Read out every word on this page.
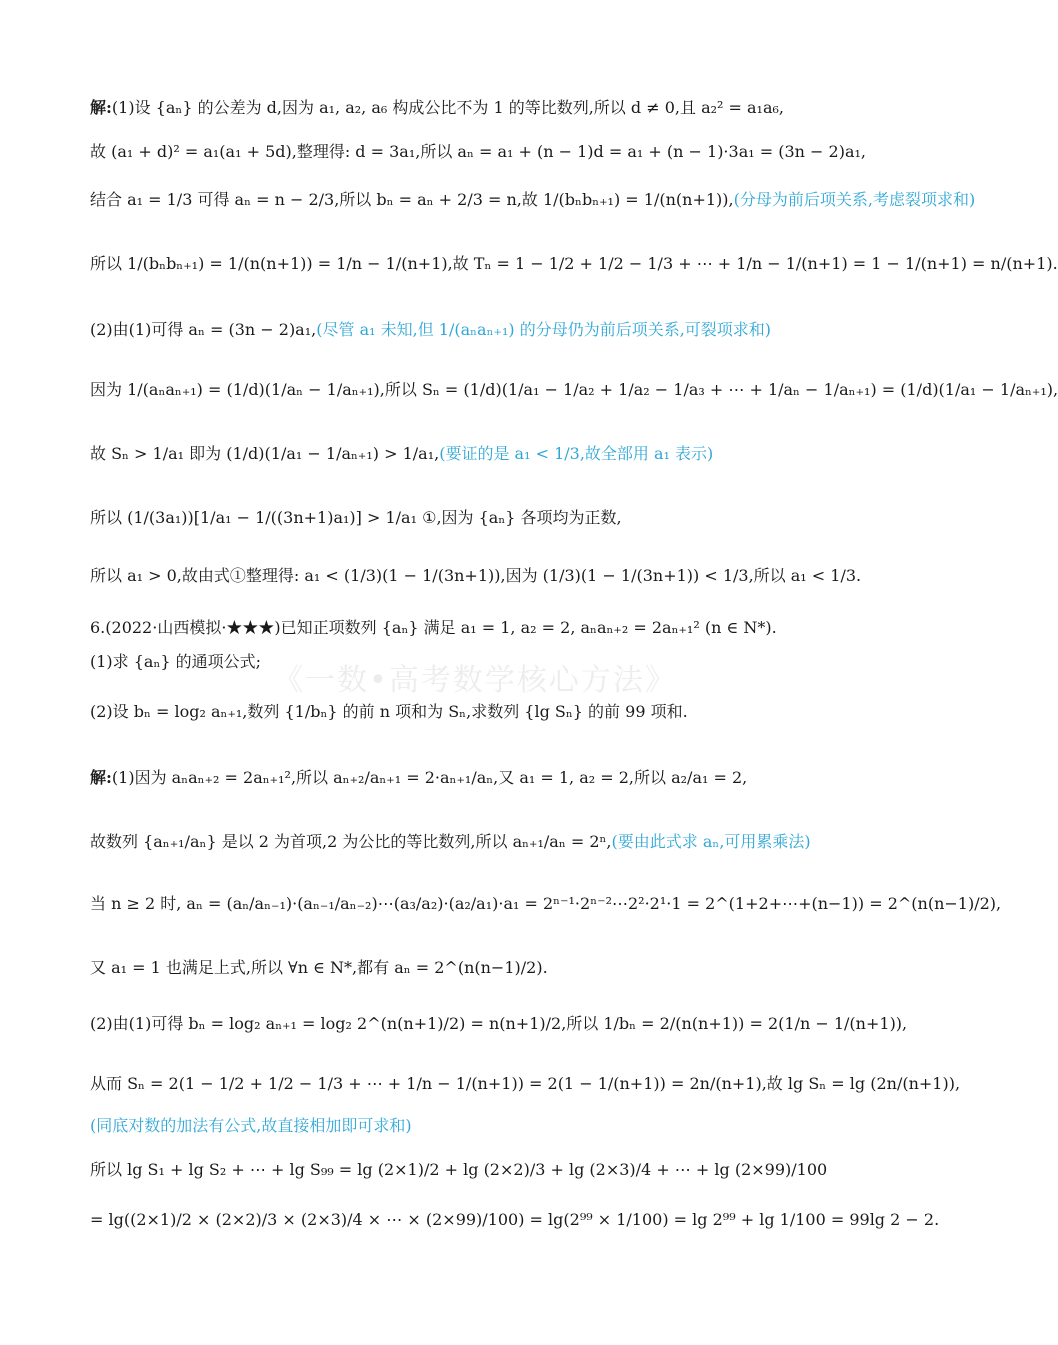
《一数•高考数学核心方法》
解:(1)设 {aₙ} 的公差为 d,因为 a₁, a₂, a₆ 构成公比不为 1 的等比数列,所以 d ≠ 0,且 a₂² = a₁a₆,
故 (a₁ + d)² = a₁(a₁ + 5d),整理得: d = 3a₁,所以 aₙ = a₁ + (n − 1)d = a₁ + (n − 1)·3a₁ = (3n − 2)a₁,
结合 a₁ = 1/3 可得 aₙ = n − 2/3,所以 bₙ = aₙ + 2/3 = n,故 1/(bₙbₙ₊₁) = 1/(n(n+1)),(分母为前后项关系,考虑裂项求和)
所以 1/(bₙbₙ₊₁) = 1/(n(n+1)) = 1/n − 1/(n+1),故 Tₙ = 1 − 1/2 + 1/2 − 1/3 + ⋯ + 1/n − 1/(n+1) = 1 − 1/(n+1) = n/(n+1).
(2)由(1)可得 aₙ = (3n − 2)a₁,(尽管 a₁ 未知,但 1/(aₙaₙ₊₁) 的分母仍为前后项关系,可裂项求和)
因为 1/(aₙaₙ₊₁) = (1/d)(1/aₙ − 1/aₙ₊₁),所以 Sₙ = (1/d)(1/a₁ − 1/a₂ + 1/a₂ − 1/a₃ + ⋯ + 1/aₙ − 1/aₙ₊₁) = (1/d)(1/a₁ − 1/aₙ₊₁),
故 Sₙ > 1/a₁ 即为 (1/d)(1/a₁ − 1/aₙ₊₁) > 1/a₁,(要证的是 a₁ < 1/3,故全部用 a₁ 表示)
所以 (1/(3a₁))[1/a₁ − 1/((3n+1)a₁)] > 1/a₁ ①,因为 {aₙ} 各项均为正数,
所以 a₁ > 0,故由式①整理得: a₁ < (1/3)(1 − 1/(3n+1)),因为 (1/3)(1 − 1/(3n+1)) < 1/3,所以 a₁ < 1/3.
6.(2022·山西模拟·★★★)已知正项数列 {aₙ} 满足 a₁ = 1, a₂ = 2, aₙaₙ₊₂ = 2aₙ₊₁² (n ∈ N*).
(1)求 {aₙ} 的通项公式;
(2)设 bₙ = log₂ aₙ₊₁,数列 {1/bₙ} 的前 n 项和为 Sₙ,求数列 {lg Sₙ} 的前 99 项和.
解:(1)因为 aₙaₙ₊₂ = 2aₙ₊₁²,所以 aₙ₊₂/aₙ₊₁ = 2·aₙ₊₁/aₙ,又 a₁ = 1, a₂ = 2,所以 a₂/a₁ = 2,
故数列 {aₙ₊₁/aₙ} 是以 2 为首项,2 为公比的等比数列,所以 aₙ₊₁/aₙ = 2ⁿ,(要由此式求 aₙ,可用累乘法)
当 n ≥ 2 时, aₙ = (aₙ/aₙ₋₁)·(aₙ₋₁/aₙ₋₂)⋯(a₃/a₂)·(a₂/a₁)·a₁ = 2ⁿ⁻¹·2ⁿ⁻²⋯2²·2¹·1 = 2^(1+2+⋯+(n−1)) = 2^(n(n−1)/2),
又 a₁ = 1 也满足上式,所以 ∀n ∈ N*,都有 aₙ = 2^(n(n−1)/2).
(2)由(1)可得 bₙ = log₂ aₙ₊₁ = log₂ 2^(n(n+1)/2) = n(n+1)/2,所以 1/bₙ = 2/(n(n+1)) = 2(1/n − 1/(n+1)),
从而 Sₙ = 2(1 − 1/2 + 1/2 − 1/3 + ⋯ + 1/n − 1/(n+1)) = 2(1 − 1/(n+1)) = 2n/(n+1),故 lg Sₙ = lg (2n/(n+1)),
(同底对数的加法有公式,故直接相加即可求和)
所以 lg S₁ + lg S₂ + ⋯ + lg S₉₉ = lg (2×1)/2 + lg (2×2)/3 + lg (2×3)/4 + ⋯ + lg (2×99)/100
= lg((2×1)/2 × (2×2)/3 × (2×3)/4 × ⋯ × (2×99)/100) = lg(2⁹⁹ × 1/100) = lg 2⁹⁹ + lg 1/100 = 99lg 2 − 2.
